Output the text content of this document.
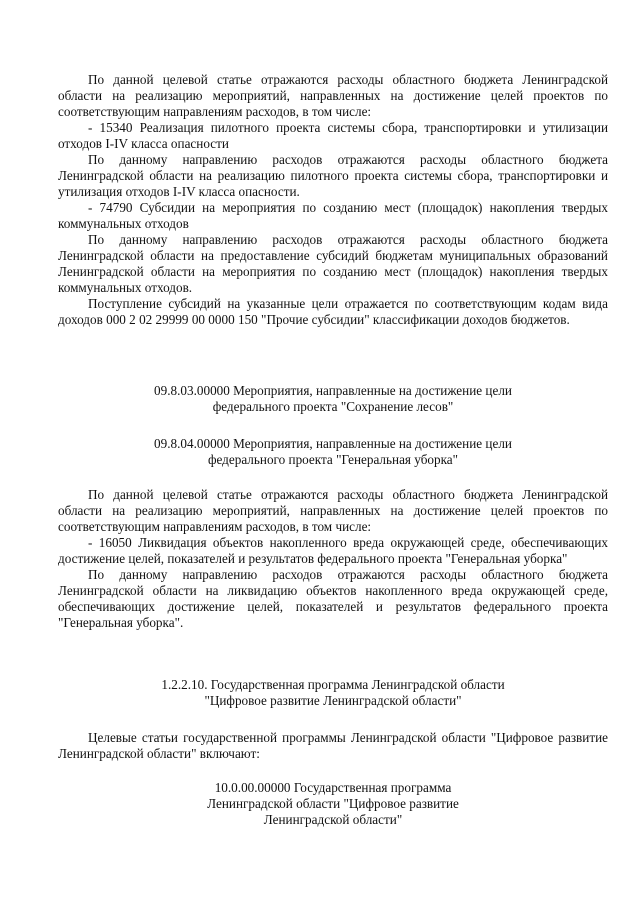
По данной целевой статье отражаются расходы областного бюджета Ленинградской области на реализацию мероприятий, направленных на достижение целей проектов по соответствующим направлениям расходов, в том числе:

- 15340 Реализация пилотного проекта системы сбора, транспортировки и утилизации отходов I-IV класса опасности

По данному направлению расходов отражаются расходы областного бюджета Ленинградской области на реализацию пилотного проекта системы сбора, транспортировки и утилизация отходов I-IV класса опасности.

- 74790 Субсидии на мероприятия по созданию мест (площадок) накопления твердых коммунальных отходов

По данному направлению расходов отражаются расходы областного бюджета Ленинградской области на предоставление субсидий бюджетам муниципальных образований Ленинградской области на мероприятия по созданию мест (площадок) накопления твердых коммунальных отходов.

Поступление субсидий на указанные цели отражается по соответствующим кодам вида доходов 000 2 02 29999 00 0000 150 "Прочие субсидии" классификации доходов бюджетов.

09.8.03.00000 Мероприятия, направленные на достижение цели
федерального проекта "Сохранение лесов"
09.8.04.00000 Мероприятия, направленные на достижение цели
федерального проекта "Генеральная уборка"

По данной целевой статье отражаются расходы областного бюджета Ленинградской области на реализацию мероприятий, направленных на достижение целей проектов по соответствующим направлениям расходов, в том числе:

- 16050 Ликвидация объектов накопленного вреда окружающей среде, обеспечивающих достижение целей, показателей и результатов федерального проекта "Генеральная уборка"

По данному направлению расходов отражаются расходы областного бюджета Ленинградской области на ликвидацию объектов накопленного вреда окружающей среде, обеспечивающих достижение целей, показателей и результатов федерального проекта "Генеральная уборка".

1.2.2.10. Государственная программа Ленинградской области
"Цифровое развитие Ленинградской области"

Целевые статьи государственной программы Ленинградской области "Цифровое развитие Ленинградской области" включают:

10.0.00.00000 Государственная программа
Ленинградской области "Цифровое развитие
Ленинградской области"
